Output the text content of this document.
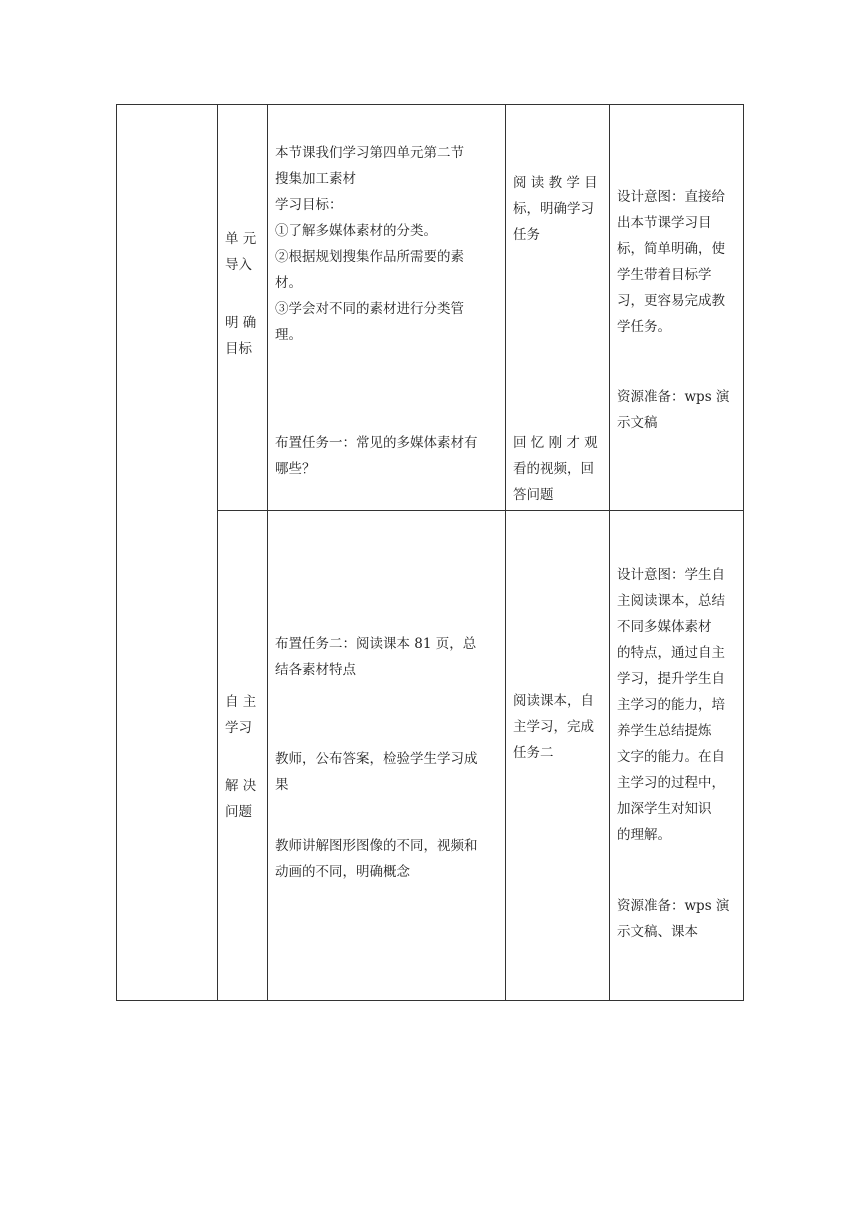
单 元
导入
明 确
目标
本节课我们学习第四单元第二节
搜集加工素材
学习目标：
①了解多媒体素材的分类。
②根据规划搜集作品所需要的素
材。
③学会对不同的素材进行分类管
理。
布置任务一：常见的多媒体素材有
哪些？
阅 读 教 学 目
标，明确学习
任务
回 忆 刚 才 观
看的视频，回
答问题
设计意图：直接给
出本节课学习目
标，简单明确，使
学生带着目标学
习，更容易完成教
学任务。
资源准备：wps 演
示文稿
自 主
学习
解 决
问题
布置任务二：阅读课本 81 页，总
结各素材特点
教师，公布答案，检验学生学习成
果
教师讲解图形图像的不同，视频和
动画的不同，明确概念
阅读课本，自
主学习，完成
任务二
设计意图：学生自
主阅读课本，总结
不同多媒体素材
的特点，通过自主
学习，提升学生自
主学习的能力，培
养学生总结提炼
文字的能力。在自
主学习的过程中，
加深学生对知识
的理解。
资源准备：wps 演
示文稿、课本
